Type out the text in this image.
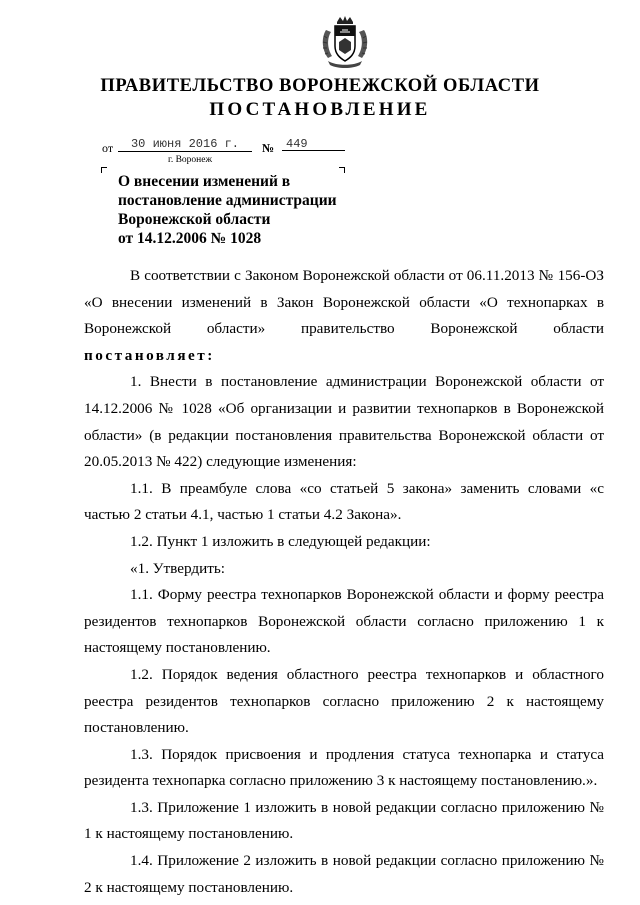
ПРАВИТЕЛЬСТВО ВОРОНЕЖСКОЙ ОБЛАСТИ
ПОСТАНОВЛЕНИЕ
от	30 июня 2016 г.	№ 449
г. Воронеж
О внесении изменений в
постановление администрации
Воронежской области
от 14.12.2006 № 1028

В соответствии с Законом Воронежской области от 06.11.2013 № 156-ОЗ «О внесении изменений в Закон Воронежской области «О технопарках в Воронежской области» правительство Воронежской области постановляет:

1. Внести в постановление администрации Воронежской области от 14.12.2006 № 1028 «Об организации и развитии технопарков в Воронежской области» (в редакции постановления правительства Воронежской области от 20.05.2013 № 422) следующие изменения:

1.1. В преамбуле слова «со статьей 5 закона» заменить словами «с частью 2 статьи 4.1, частью 1 статьи 4.2 Закона».

1.2. Пункт 1 изложить в следующей редакции:

«1. Утвердить:

1.1. Форму реестра технопарков Воронежской области и форму реестра резидентов технопарков Воронежской области согласно приложению 1 к настоящему постановлению.

1.2. Порядок ведения областного реестра технопарков и областного реестра резидентов технопарков согласно приложению 2 к настоящему постановлению.

1.3. Порядок присвоения и продления статуса технопарка и статуса резидента технопарка согласно приложению 3 к настоящему постановлению.».

1.3. Приложение 1 изложить в новой редакции согласно приложению № 1 к настоящему постановлению.

1.4. Приложение 2 изложить в новой редакции согласно приложению № 2 к настоящему постановлению.
